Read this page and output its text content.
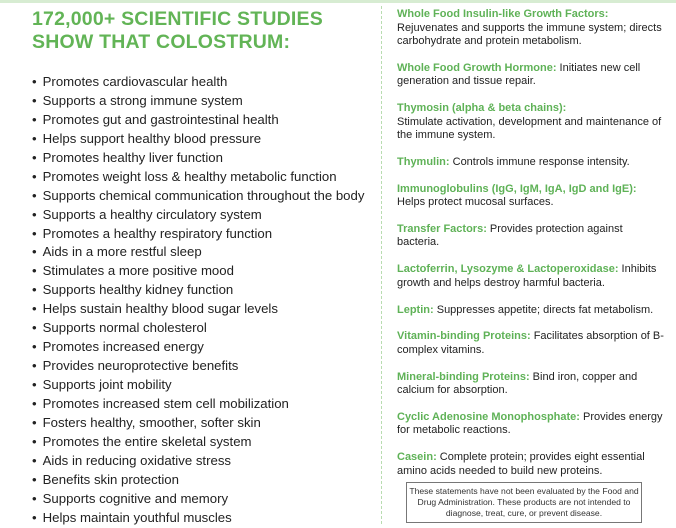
172,000+ SCIENTIFIC STUDIES
SHOW THAT COLOSTRUM:
• Promotes cardiovascular health
• Supports a strong immune system
• Promotes gut and gastrointestinal health
• Helps support healthy blood pressure
• Promotes healthy liver function
• Promotes weight loss & healthy metabolic function
• Supports chemical communication throughout the body
• Supports a healthy circulatory system
• Promotes a healthy respiratory function
• Aids in a more restful sleep
• Stimulates a more positive mood
• Supports healthy kidney function
• Helps sustain healthy blood sugar levels
• Supports normal cholesterol
• Promotes increased energy
• Provides neuroprotective benefits
• Supports joint mobility
• Promotes increased stem cell mobilization
• Fosters healthy, smoother, softer skin
• Promotes the entire skeletal system
• Aids in reducing oxidative stress
• Benefits skin protection
• Supports cognitive and memory
• Helps maintain youthful muscles
Whole Food Insulin-like Growth Factors:
Rejuvenates and supports the immune system; directs carbohydrate and protein metabolism.
Whole Food Growth Hormone: Initiates new cell generation and tissue repair.
Thymosin (alpha & beta chains):
Stimulate activation, development and maintenance of the immune system.
Thymulin: Controls immune response intensity.
Immunoglobulins (IgG, IgM, IgA, IgD and IgE): Helps protect mucosal surfaces.
Transfer Factors: Provides protection against bacteria.
Lactoferrin, Lysozyme & Lactoperoxidase: Inhibits growth and helps destroy harmful bacteria.
Leptin: Suppresses appetite; directs fat metabolism.
Vitamin-binding Proteins: Facilitates absorption of B-complex vitamins.
Mineral-binding Proteins: Bind iron, copper and calcium for absorption.
Cyclic Adenosine Monophosphate: Provides energy for metabolic reactions.
Casein: Complete protein; provides eight essential amino acids needed to build new proteins.
These statements have not been evaluated by the Food and Drug Administration. These products are not intended to diagnose, treat, cure, or prevent disease.
